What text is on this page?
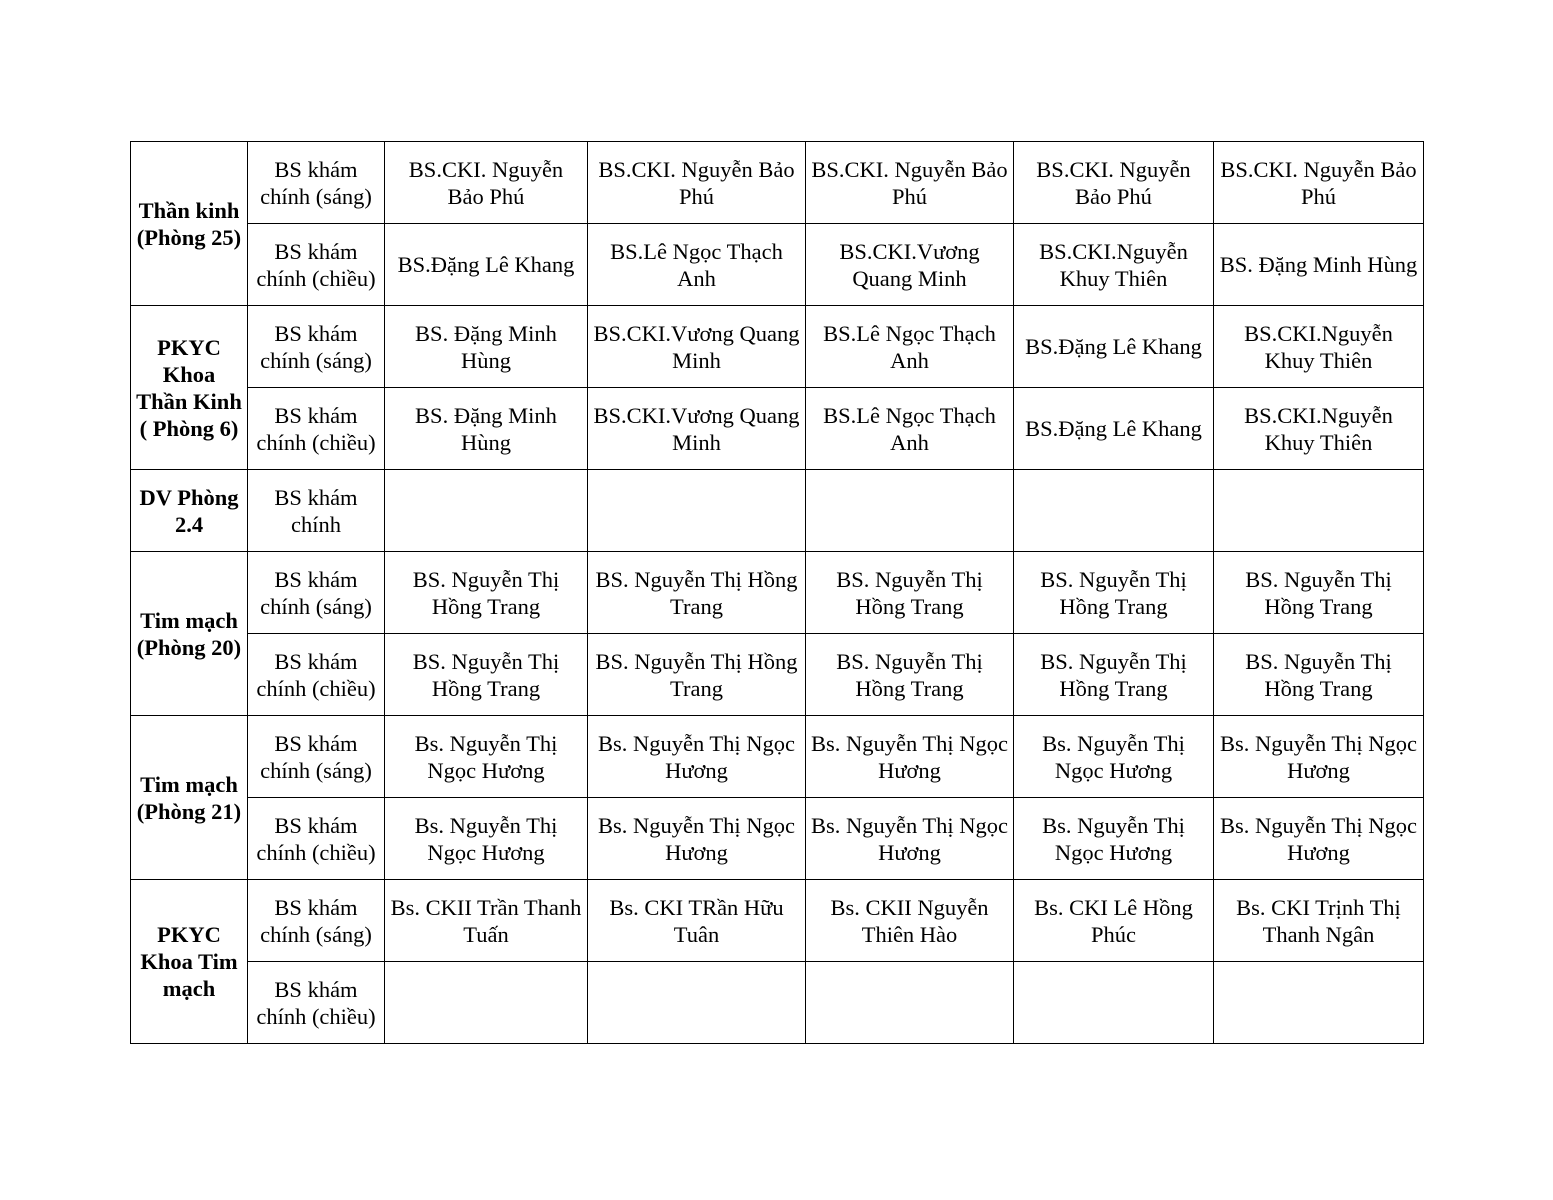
Thần kinh (Phòng 25)	BS khám chính (sáng)	BS.CKI. Nguyễn Bảo Phú	BS.CKI. Nguyễn Bảo Phú	BS.CKI. Nguyễn Bảo Phú	BS.CKI. Nguyễn Bảo Phú	BS.CKI. Nguyễn Bảo Phú
	BS khám chính (chiều)	BS.Đặng Lê Khang	BS.Lê Ngọc Thạch Anh	BS.CKI.Vương Quang Minh	BS.CKI.Nguyễn Khuy Thiên	BS. Đặng Minh Hùng
PKYC Khoa Thần Kinh ( Phòng 6)	BS khám chính (sáng)	BS. Đặng Minh Hùng	BS.CKI.Vương Quang Minh	BS.Lê Ngọc Thạch Anh	BS.Đặng Lê Khang	BS.CKI.Nguyễn Khuy Thiên
	BS khám chính (chiều)	BS. Đặng Minh Hùng	BS.CKI.Vương Quang Minh	BS.Lê Ngọc Thạch Anh	BS.Đặng Lê Khang	BS.CKI.Nguyễn Khuy Thiên
DV Phòng 2.4	BS khám chính					
Tim mạch (Phòng 20)	BS khám chính (sáng)	BS. Nguyễn Thị Hồng Trang	BS. Nguyễn Thị Hồng Trang	BS. Nguyễn Thị Hồng Trang	BS. Nguyễn Thị Hồng Trang	BS. Nguyễn Thị Hồng Trang
	BS khám chính (chiều)	BS. Nguyễn Thị Hồng Trang	BS. Nguyễn Thị Hồng Trang	BS. Nguyễn Thị Hồng Trang	BS. Nguyễn Thị Hồng Trang	BS. Nguyễn Thị Hồng Trang
Tim mạch (Phòng 21)	BS khám chính (sáng)	Bs. Nguyễn Thị Ngọc Hương	Bs. Nguyễn Thị Ngọc Hương	Bs. Nguyễn Thị Ngọc Hương	Bs. Nguyễn Thị Ngọc Hương	Bs. Nguyễn Thị Ngọc Hương
	BS khám chính (chiều)	Bs. Nguyễn Thị Ngọc Hương	Bs. Nguyễn Thị Ngọc Hương	Bs. Nguyễn Thị Ngọc Hương	Bs. Nguyễn Thị Ngọc Hương	Bs. Nguyễn Thị Ngọc Hương
PKYC Khoa Tim mạch	BS khám chính (sáng)	Bs. CKII Trần Thanh Tuấn	Bs. CKI TRần Hữu Tuân	Bs. CKII Nguyễn Thiên Hào	Bs. CKI Lê Hồng Phúc	Bs. CKI Trịnh Thị Thanh Ngân
	BS khám chính (chiều)					
